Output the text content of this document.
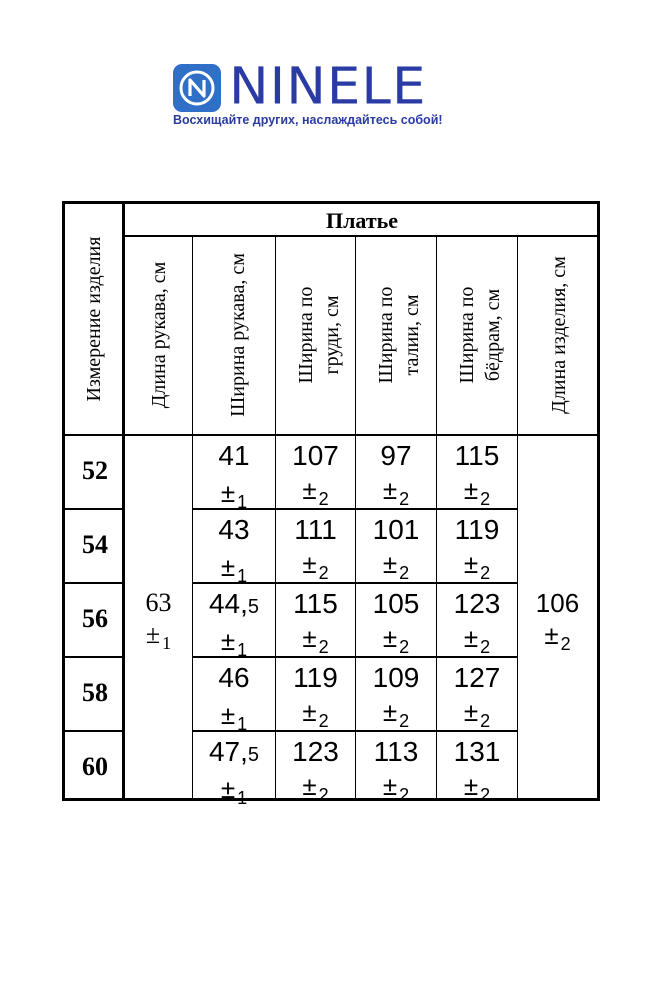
NINELE
Восхищайте других, наслаждайтесь собой!
Измерение изделия
Платье
Длина рукава, см	Ширина рукава, см Ширина по груди, см Ширина по талии, см Ширина по бёдрам, см Длина изделия, см
52
54
56
58
60
63
± $_1$
106
± $_2$
41
± $_1$
107
± $_2$
97
± $_2$
115
± $_2$
43
± $_1$
111
± $_2$
101
± $_2$
119
± $_2$
44,5
± $_1$
115
± $_2$
105
± $_2$
123
± $_2$
46
± $_1$
119
± $_2$
109
± $_2$
127
± $_2$
47,5
± $_1$
123
± $_2$
113
± $_2$
131
± $_2$
